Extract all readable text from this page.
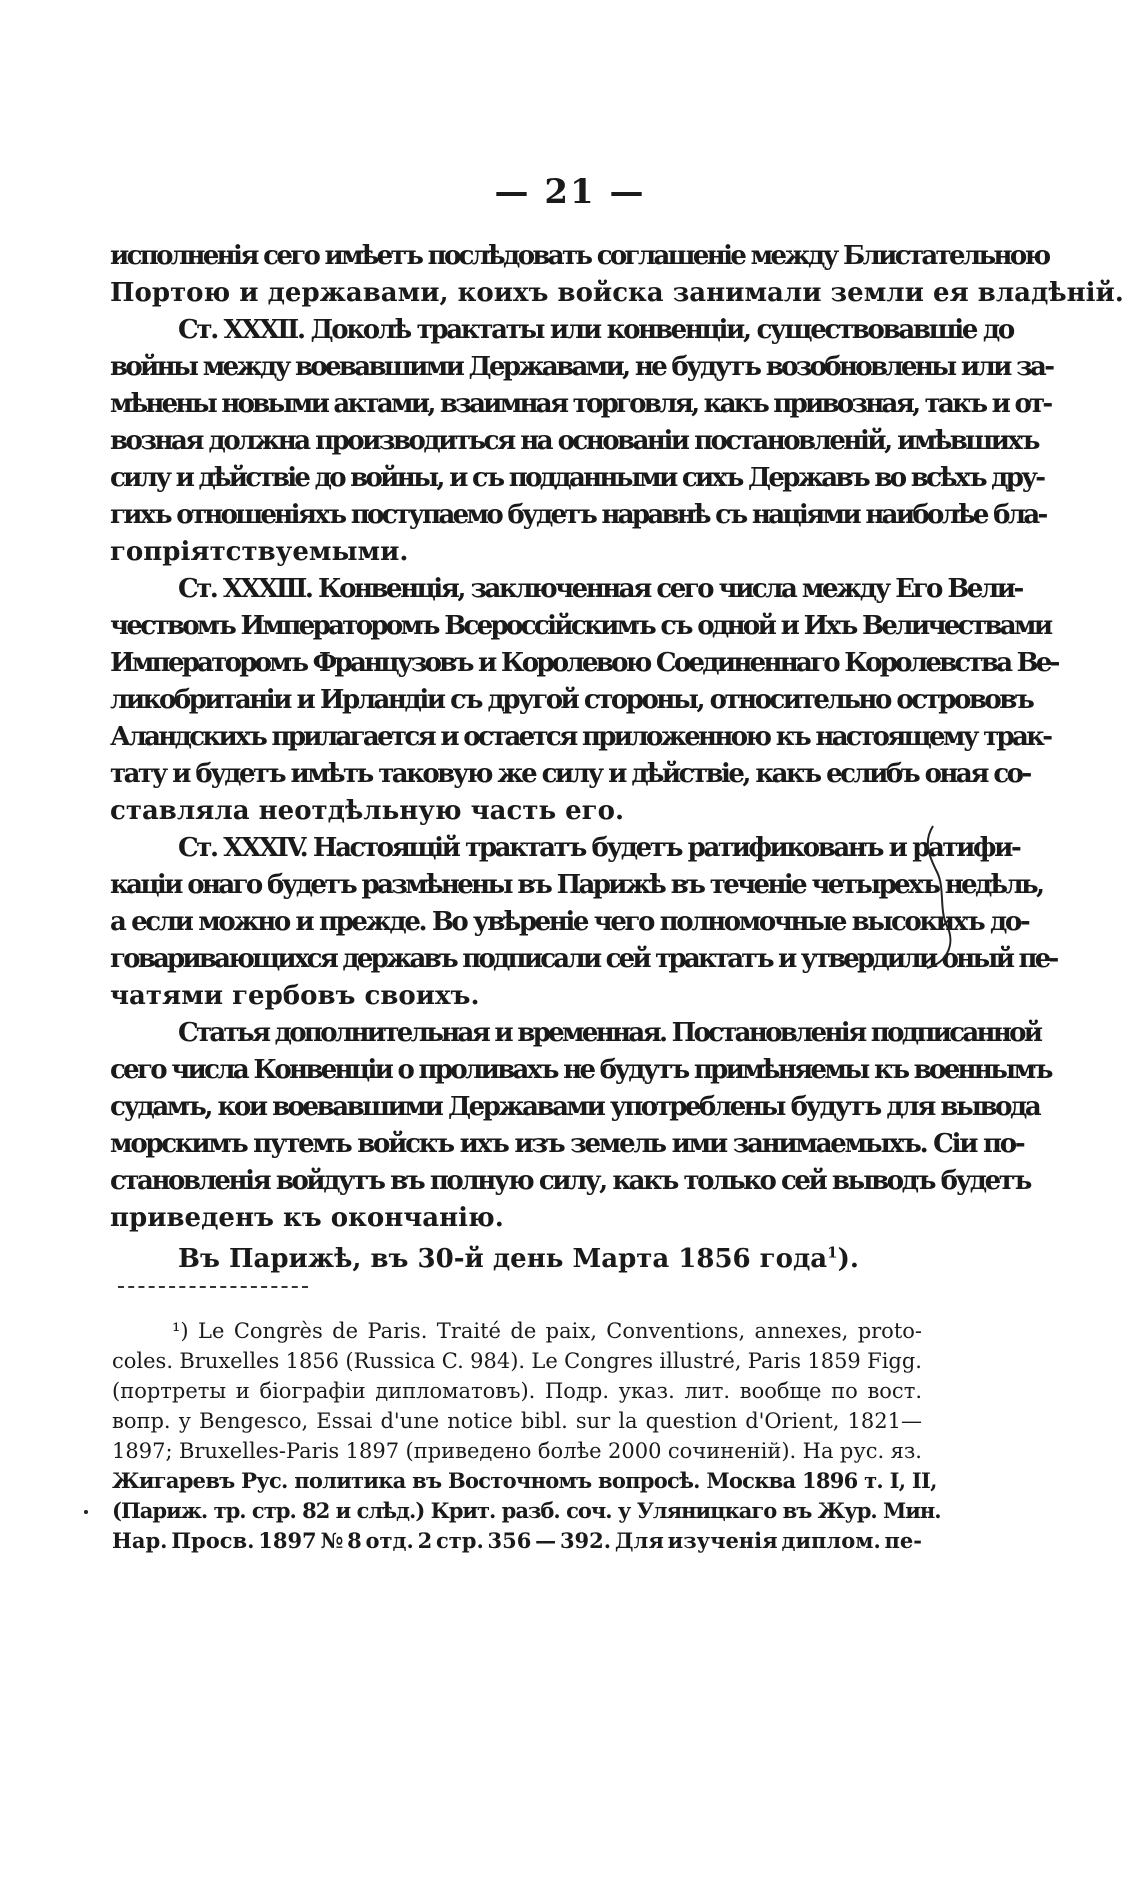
— 21 —
исполненія сего имѣетъ послѣдовать соглашеніе между Блистательною
Портою и державами, коихъ войска занимали земли ея владѣній.
Ст. XXXII. Доколѣ трактаты или конвенціи, существовавшіе до
войны между воевавшими Державами, не будутъ возобновлены или за-
мѣнены новыми актами, взаимная торговля, какъ привозная, такъ и от-
возная должна производиться на основаніи постановленій, имѣвшихъ
силу и дѣйствіе до войны, и съ подданными сихъ Державъ во всѣхъ дру-
гихъ отношеніяхъ поступаемо будетъ наравнѣ съ націями наиболѣе бла-
гопріятствуемыми.
Ст. XXXIII. Конвенція, заключенная сего числа между Его Вели-
чествомъ Императоромъ Всероссійскимъ съ одной и Ихъ Величествами
Императоромъ Французовъ и Королевою Соединеннаго Королевства Ве-
ликобританіи и Ирландіи съ другой стороны, относительно острововъ
Аландскихъ прилагается и остается приложенною къ настоящему трак-
тату и будетъ имѣть таковую же силу и дѣйствіе, какъ еслибъ оная со-
ставляла неотдѣльную часть его.
Ст. XXXIV. Настоящій трактатъ будетъ ратификованъ и ратифи-
каціи онаго будетъ размѣнены въ Парижѣ въ теченіе четырехъ недѣль,
а если можно и прежде. Во увѣреніе чего полномочные высокихъ до-
говаривающихся державъ подписали сей трактатъ и утвердили оный пе-
чатями гербовъ своихъ.
Статья дополнительная и временная. Постановленія подписанной
сего числа Конвенціи о проливахъ не будутъ примѣняемы къ военнымъ
судамъ, кои воевавшими Державами употреблены будутъ для вывода
морскимъ путемъ войскъ ихъ изъ земель ими занимаемыхъ. Сіи по-
становленія войдутъ въ полную силу, какъ только сей выводъ будетъ
приведенъ къ окончанію.
Въ Парижѣ, въ 30-й день Марта 1856 года$^1$).
¹) Le Congrès de Paris. Traité de paix, Conventions, annexes, proto-
coles. Bruxelles 1856 (Russica C. 984). Le Congres illustré, Paris 1859 Figg.
(портреты и біографіи дипломатовъ). Подр. указ. лит. вообще по вост.
вопр. у Bengesco, Essai d'une notice bibl. sur la question d'Orient, 1821—
1897; Bruxelles-Paris 1897 (приведено болѣе 2000 сочиненій). На рус. яз.
Жигаревъ Рус. политика въ Восточномъ вопросѣ. Москва 1896 т. I, II,
(Париж. тр. стр. 82 и слѣд.) Крит. разб. соч. у Уляницкаго въ Жур. Мин.
Нар. Просв. 1897 № 8 отд. 2 стр. 356 — 392. Для изученія диплом. пе-
